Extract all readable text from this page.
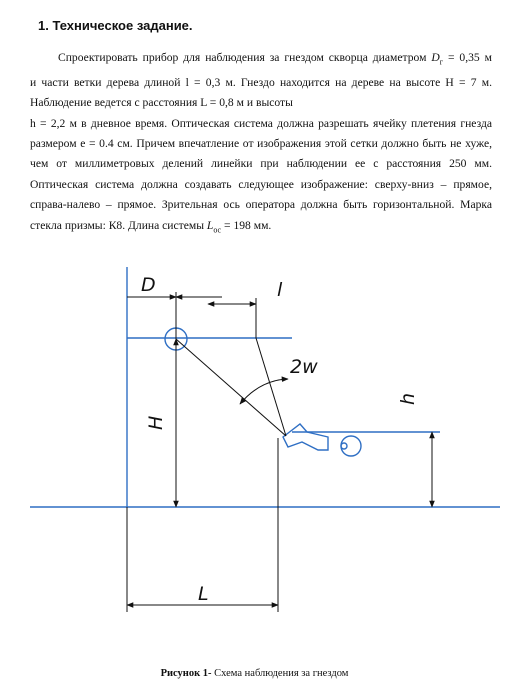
1. Техническое задание.
Спроектировать прибор для наблюдения за гнездом скворца диаметром $D_г = 0,35$ м
и части ветки дерева длиной l = 0,3 м. Гнездо находится на дереве на высоте H = 7 м.
Наблюдение ведется с расстояния L = 0,8 м и высоты
h = 2,2 м в дневное время. Оптическая система должна разрешать ячейку плетения гнезда
размером e = 0.4 см. Причем впечатление от изображения этой сетки должно быть не хуже,
чем от миллиметровых делений линейки при наблюдении ее с расстояния 250 мм.
Оптическая система должна создавать следующее изображение: сверху-вниз – прямое,
справа-налево – прямое. Зрительная ось оператора должна быть горизонтальной. Марка
стекла призмы: К8. Длина системы $L_{ос} = 198$ мм.
D	l
2w
H
h
L
Рисунок 1- Схема наблюдения за гнездом
